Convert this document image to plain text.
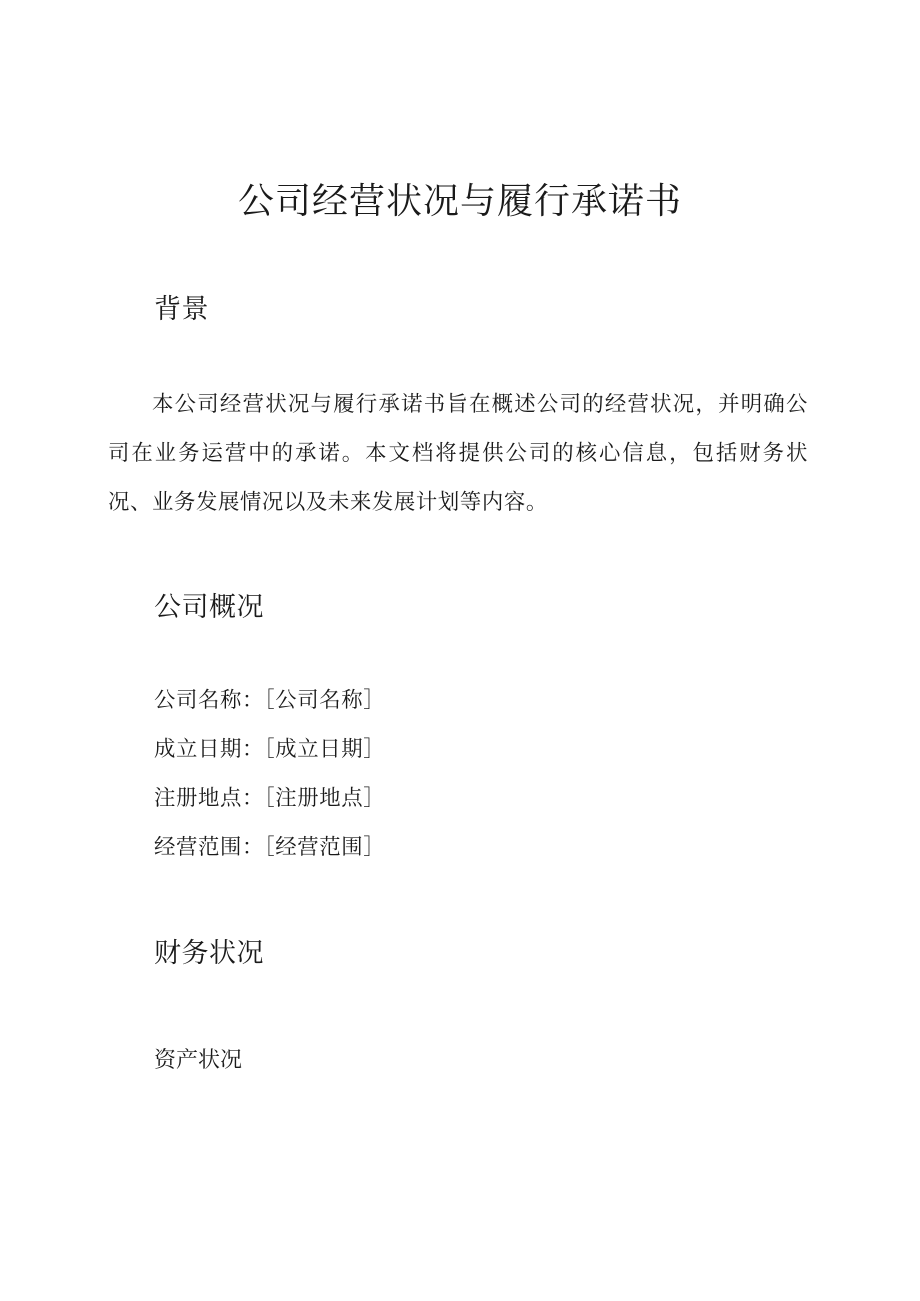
公司经营状况与履行承诺书
背景

本公司经营状况与履行承诺书旨在概述公司的经营状况，并明确公司在业务运营中的承诺。本文档将提供公司的核心信息，包括财务状况、业务发展情况以及未来发展计划等内容。

公司概况
公司名称：［公司名称］
成立日期：［成立日期］
注册地点：［注册地点］
经营范围：［经营范围］
财务状况
资产状况
